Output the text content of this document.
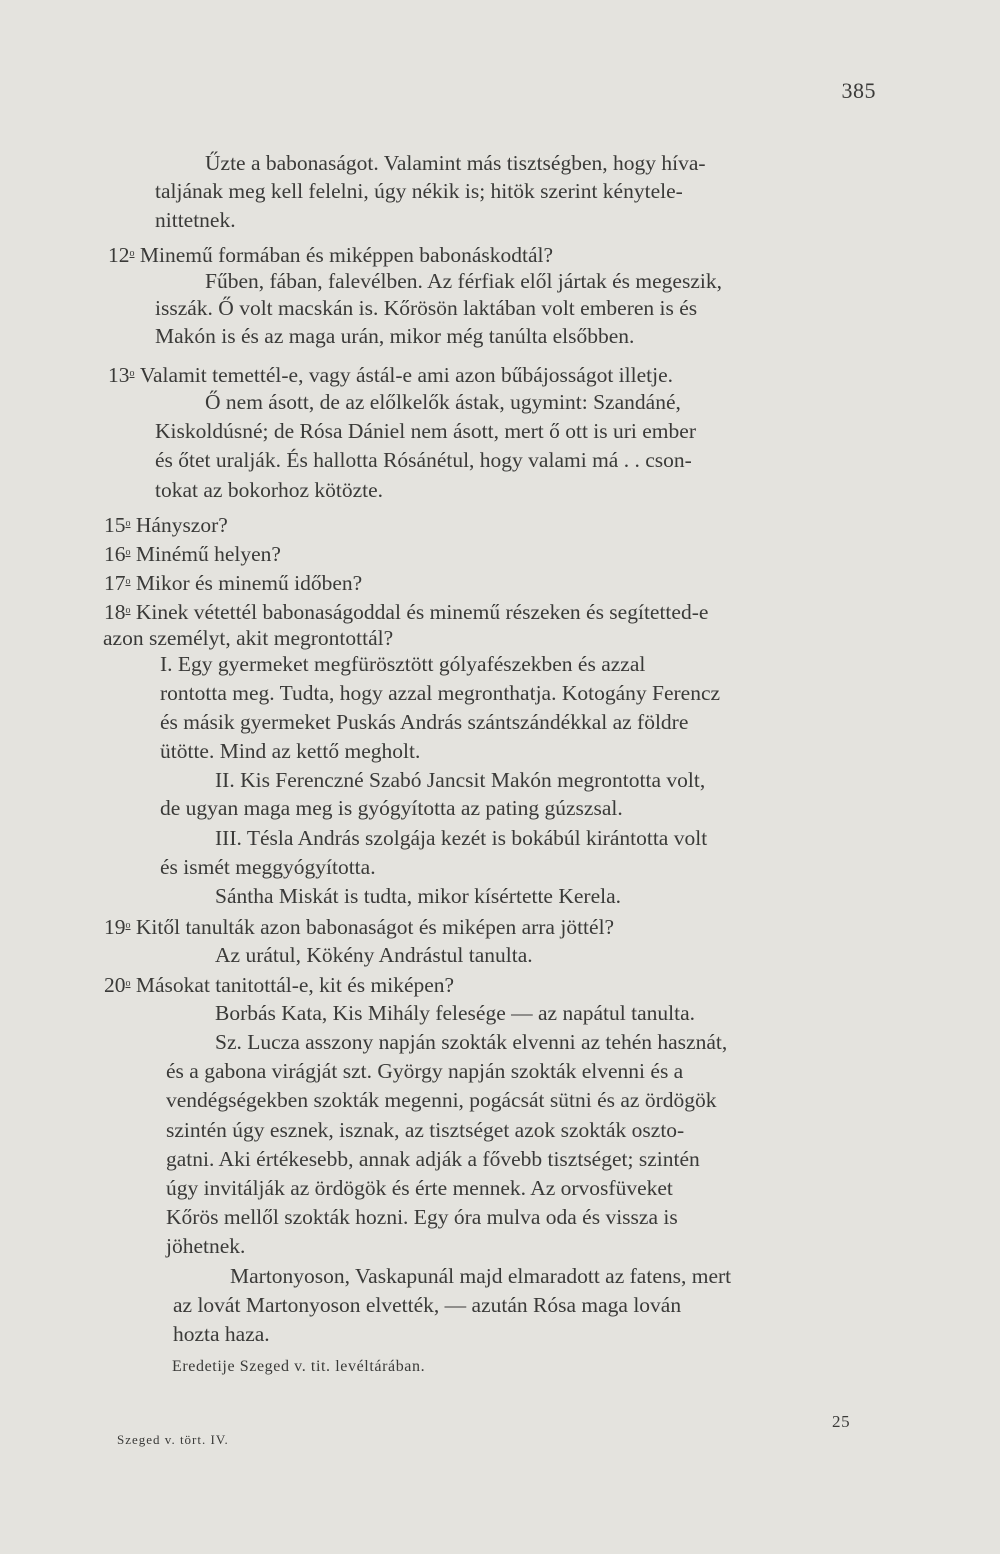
385
Űzte a babonaságot. Valamint más tisztségben, hogy híva-
taljának meg kell felelni, úgy nékik is; hitök szerint kénytele-
nittetnek.
12$^o$ Minemű formában és miképpen babonáskodtál?
Fűben, fában, falevélben. Az férfiak elől jártak és megeszik,
isszák. Ő volt macskán is. Kőrösön laktában volt emberen is és
Makón is és az maga urán, mikor még tanúlta elsőbben.
13$^o$ Valamit temettél-e, vagy ástál-e ami azon bűbájosságot illetje.
Ő nem ásott, de az előlkelők ástak, ugymint: Szandáné,
Kiskoldúsné; de Rósa Dániel nem ásott, mert ő ott is uri ember
és őtet uralják. És hallotta Rósánétul, hogy valami má . . cson-
tokat az bokorhoz kötözte.
15$^o$ Hányszor?
16$^o$ Minémű helyen?
17$^o$ Mikor és minemű időben?
18$^o$ Kinek vétettél babonaságoddal és minemű részeken és segítetted-e
azon személyt, akit megrontottál?
I. Egy gyermeket megfürösztött gólyafészekben és azzal
rontotta meg. Tudta, hogy azzal megronthatja. Kotogány Ferencz
és másik gyermeket Puskás András szántszándékkal az földre
ütötte. Mind az kettő megholt.
II. Kis Ferenczné Szabó Jancsit Makón megrontotta volt,
de ugyan maga meg is gyógyította az pating gúzszsal.
III. Tésla András szolgája kezét is bokábúl kirántotta volt
és ismét meggyógyította.
Sántha Miskát is tudta, mikor kísértette Kerela.
19$^o$ Kitől tanulták azon babonaságot és miképen arra jöttél?
Az urátul, Kökény Andrástul tanulta.
20$^o$ Másokat tanitottál-e, kit és miképen?
Borbás Kata, Kis Mihály felesége — az napátul tanulta.
Sz. Lucza asszony napján szokták elvenni az tehén hasznát,
és a gabona virágját szt. György napján szokták elvenni és a
vendégségekben szokták megenni, pogácsát sütni és az ördögök
szintén úgy esznek, isznak, az tisztséget azok szokták oszto-
gatni. Aki értékesebb, annak adják a fővebb tisztséget; szintén
úgy invitálják az ördögök és érte mennek. Az orvosfüveket
Kőrös mellől szokták hozni. Egy óra mulva oda és vissza is
jöhetnek.
Martonyoson, Vaskapunál majd elmaradott az fatens, mert
az lovát Martonyoson elvették, — azután Rósa maga lován
hozta haza.
Eredetije Szeged v. tit. levéltárában.
25
Szeged v. tört. IV.
